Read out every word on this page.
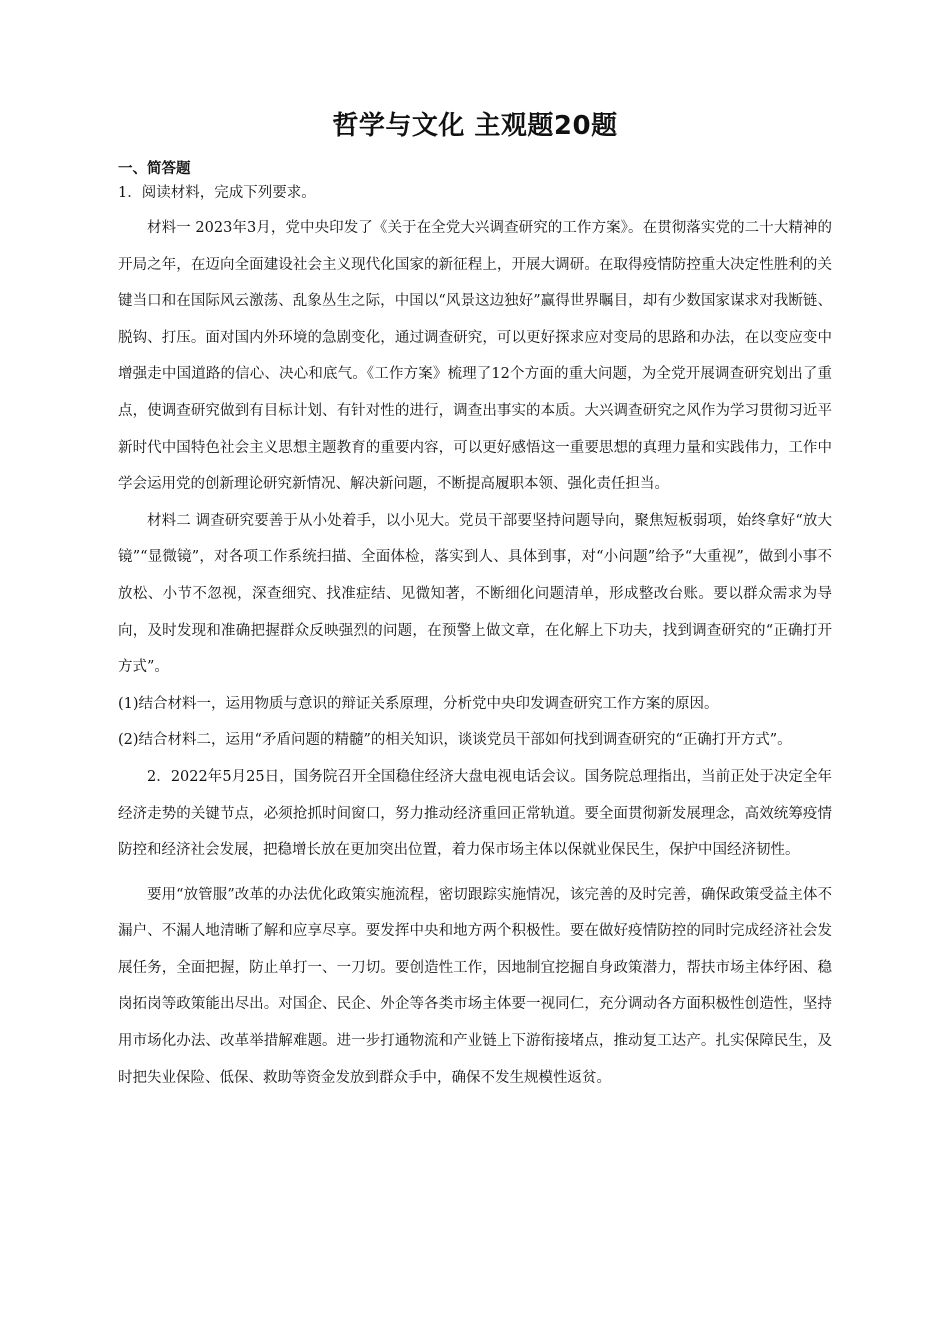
哲学与文化 主观题20题

一、简答题

1．阅读材料，完成下列要求。

材料一 2023年3月，党中央印发了《关于在全党大兴调查研究的工作方案》。在贯彻落实党的二十大精神的开局之年，在迈向全面建设社会主义现代化国家的新征程上，开展大调研。在取得疫情防控重大决定性胜利的关键当口和在国际风云激荡、乱象丛生之际，中国以“风景这边独好”赢得世界瞩目，却有少数国家谋求对我断链、脱钩、打压。面对国内外环境的急剧变化，通过调查研究，可以更好探求应对变局的思路和办法，在以变应变中增强走中国道路的信心、决心和底气。《工作方案》梳理了12个方面的重大问题，为全党开展调查研究划出了重点，使调查研究做到有目标计划、有针对性的进行，调查出事实的本质。大兴调查研究之风作为学习贯彻习近平新时代中国特色社会主义思想主题教育的重要内容，可以更好感悟这一重要思想的真理力量和实践伟力，工作中学会运用党的创新理论研究新情况、解决新问题，不断提高履职本领、强化责任担当。

材料二 调查研究要善于从小处着手，以小见大。党员干部要坚持问题导向，聚焦短板弱项，始终拿好“放大镜”“显微镜”，对各项工作系统扫描、全面体检，落实到人、具体到事，对“小问题”给予“大重视”，做到小事不放松、小节不忽视，深查细究、找准症结、见微知著，不断细化问题清单，形成整改台账。要以群众需求为导向，及时发现和准确把握群众反映强烈的问题，在预警上做文章，在化解上下功夫，找到调查研究的“正确打开方式”。

(1)结合材料一，运用物质与意识的辩证关系原理，分析党中央印发调查研究工作方案的原因。

(2)结合材料二，运用“矛盾问题的精髓”的相关知识，谈谈党员干部如何找到调查研究的“正确打开方式”。

2．2022年5月25日，国务院召开全国稳住经济大盘电视电话会议。国务院总理指出，当前正处于决定全年经济走势的关键节点，必须抢抓时间窗口，努力推动经济重回正常轨道。要全面贯彻新发展理念，高效统筹疫情防控和经济社会发展，把稳增长放在更加突出位置，着力保市场主体以保就业保民生，保护中国经济韧性。

要用“放管服”改革的办法优化政策实施流程，密切跟踪实施情况，该完善的及时完善，确保政策受益主体不漏户、不漏人地清晰了解和应享尽享。要发挥中央和地方两个积极性。要在做好疫情防控的同时完成经济社会发展任务，全面把握，防止单打一、一刀切。要创造性工作，因地制宜挖掘自身政策潜力，帮扶市场主体纾困、稳岗拓岗等政策能出尽出。对国企、民企、外企等各类市场主体要一视同仁，充分调动各方面积极性创造性，坚持用市场化办法、改革举措解难题。进一步打通物流和产业链上下游衔接堵点，推动复工达产。扎实保障民生，及时把失业保险、低保、救助等资金发放到群众手中，确保不发生规模性返贫。
